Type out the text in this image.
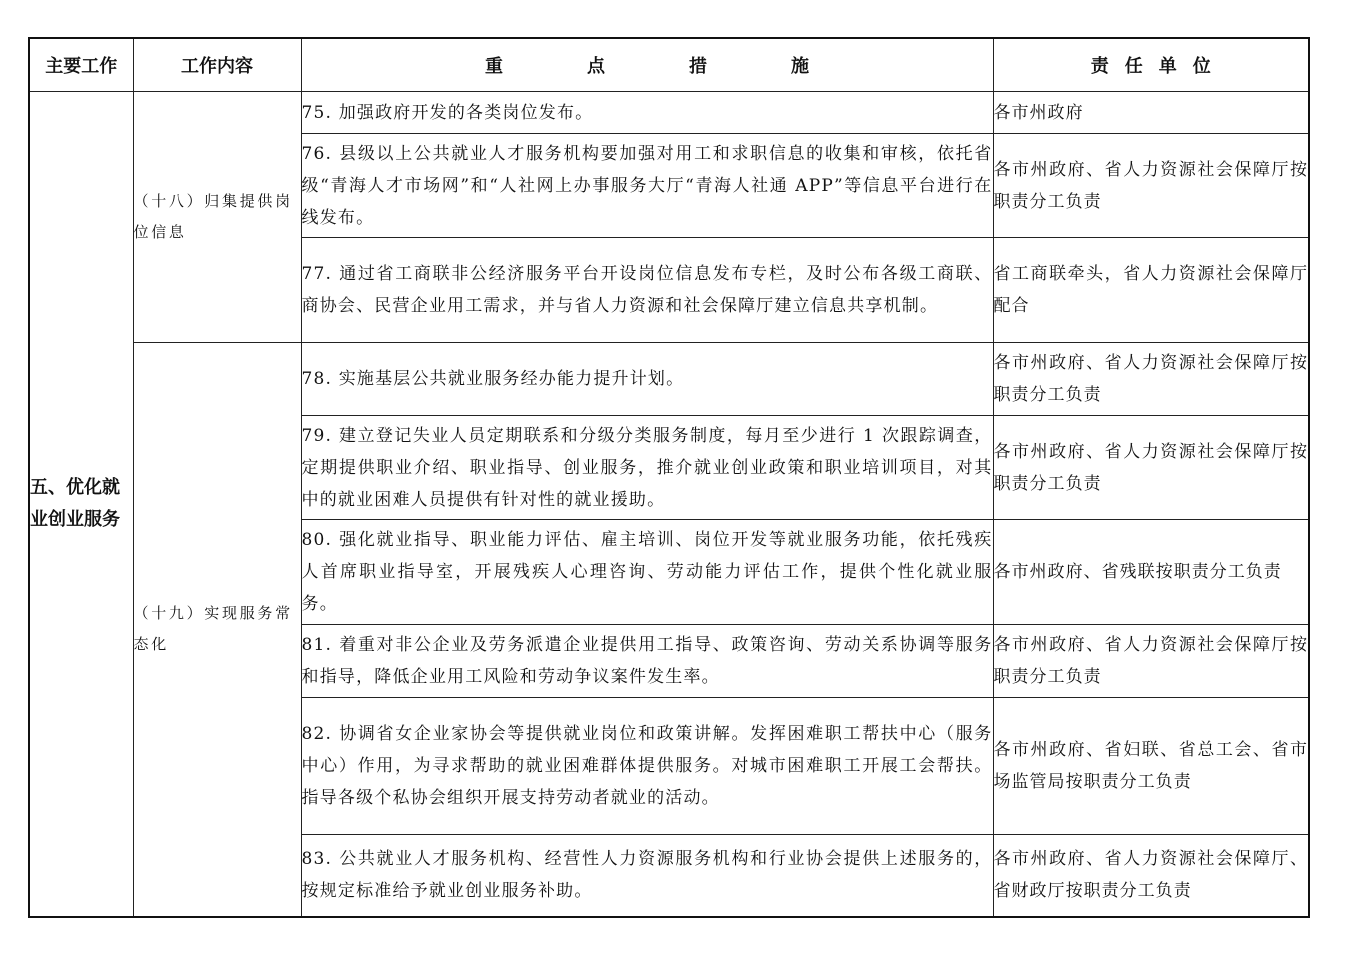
主要工作	工作内容	重 点 措 施	责 任 单 位
五、优化就业创业服务	（十八）归集提供岗位信息	75. 加强政府开发的各类岗位发布。	各市州政府
		76. 县级以上公共就业人才服务机构要加强对用工和求职信息的收集和审核，依托省级“青海人才市场网”和“人社网上办事服务大厅“青海人社通 APP”等信息平台进行在线发布。	各市州政府、省人力资源社会保障厅按职责分工负责
		77. 通过省工商联非公经济服务平台开设岗位信息发布专栏，及时公布各级工商联、商协会、民营企业用工需求，并与省人力资源和社会保障厅建立信息共享机制。	省工商联牵头，省人力资源社会保障厅配合
	（十九）实现服务常态化	78. 实施基层公共就业服务经办能力提升计划。	各市州政府、省人力资源社会保障厅按职责分工负责
		79. 建立登记失业人员定期联系和分级分类服务制度，每月至少进行 1 次跟踪调查，定期提供职业介绍、职业指导、创业服务，推介就业创业政策和职业培训项目，对其中的就业困难人员提供有针对性的就业援助。	各市州政府、省人力资源社会保障厅按职责分工负责
		80. 强化就业指导、职业能力评估、雇主培训、岗位开发等就业服务功能，依托残疾人首席职业指导室，开展残疾人心理咨询、劳动能力评估工作，提供个性化就业服务。	各市州政府、省残联按职责分工负责
		81. 着重对非公企业及劳务派遣企业提供用工指导、政策咨询、劳动关系协调等服务和指导，降低企业用工风险和劳动争议案件发生率。	各市州政府、省人力资源社会保障厅按职责分工负责
		82. 协调省女企业家协会等提供就业岗位和政策讲解。发挥困难职工帮扶中心（服务中心）作用，为寻求帮助的就业困难群体提供服务。对城市困难职工开展工会帮扶。指导各级个私协会组织开展支持劳动者就业的活动。	各市州政府、省妇联、省总工会、省市场监管局按职责分工负责
		83. 公共就业人才服务机构、经营性人力资源服务机构和行业协会提供上述服务的，按规定标准给予就业创业服务补助。	各市州政府、省人力资源社会保障厅、省财政厅按职责分工负责
